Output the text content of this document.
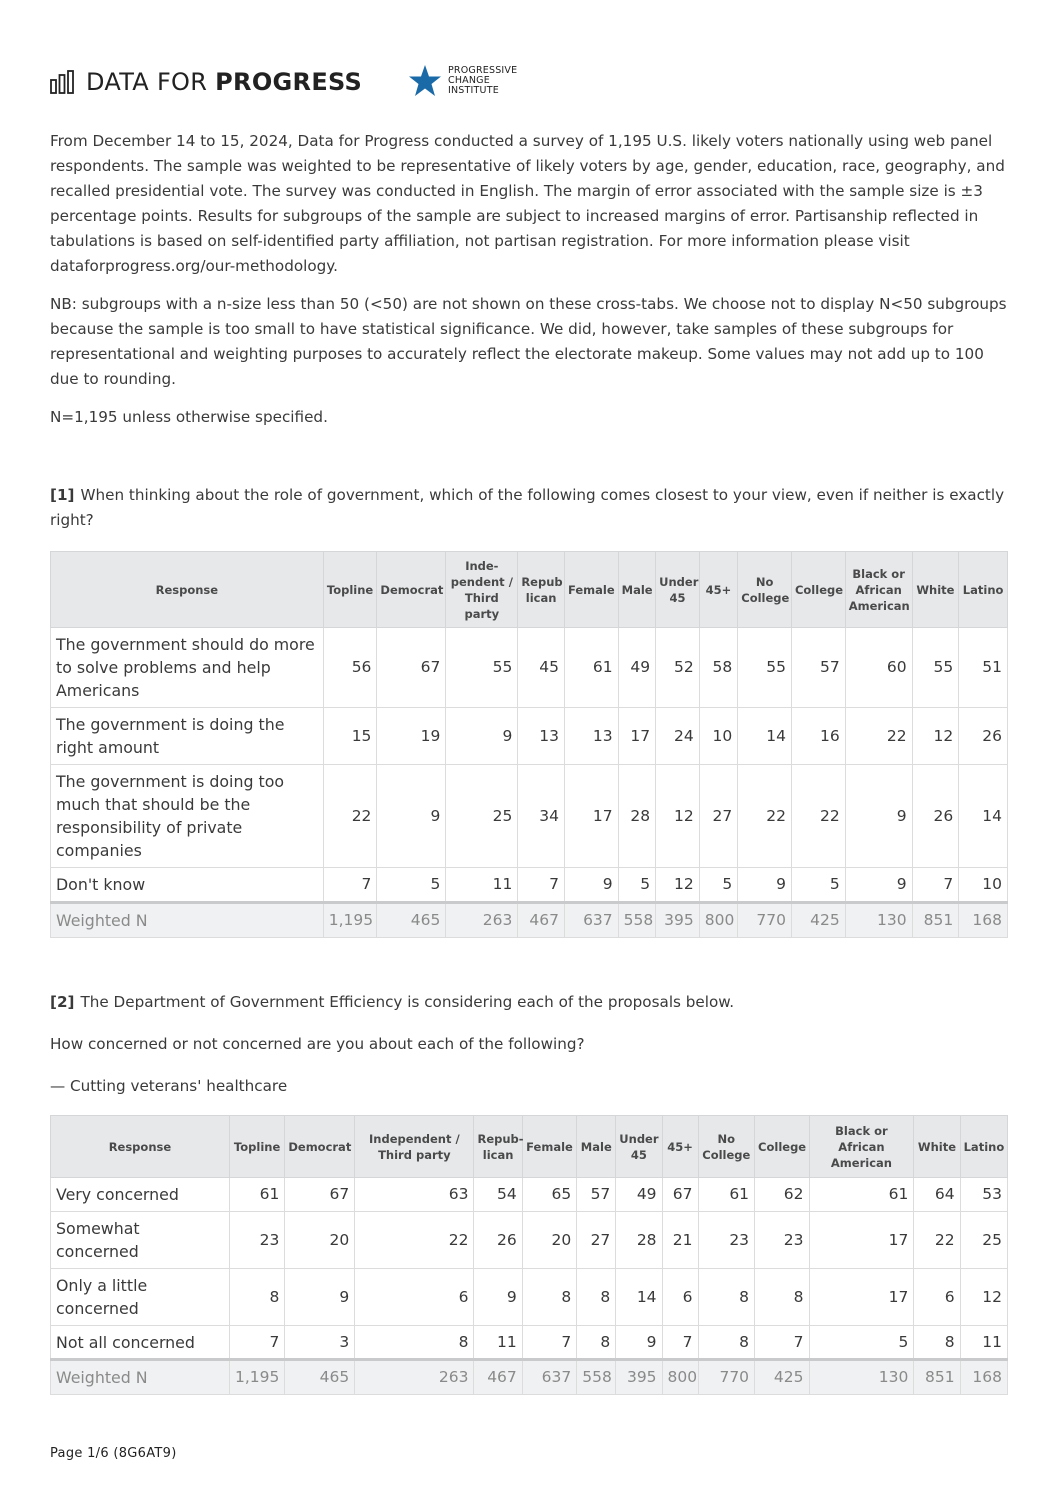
DATA FOR PROGRESS	PROGRESSIVE
CHANGE
INSTITUTE

From December 14 to 15, 2024, Data for Progress conducted a survey of 1,195 U.S. likely voters nationally using web panel respondents. The sample was weighted to be representative of likely voters by age, gender, education, race, geography, and recalled presidential vote. The survey was conducted in English. The margin of error associated with the sample size is ±3 percentage points. Results for subgroups of the sample are subject to increased margins of error. Partisanship reflected in tabulations is based on self-identified party affiliation, not partisan registration. For more information please visit dataforprogress.org/our-methodology.

NB: subgroups with a n-size less than 50 (<50) are not shown on these cross-tabs. We choose not to display N<50 subgroups because the sample is too small to have statistical significance. We did, however, take samples of these subgroups for representational and weighting purposes to accurately reflect the electorate makeup. Some values may not add up to 100 due to rounding.

N=1,195 unless otherwise specified.

[1] When thinking about the role of government, which of the following comes closest to your view, even if neither is exactly right?

Response	Topline	Democrat	Inde-
pendent /
Third
party	Repub
lican	Female	Male	Under
45	45+	No
College	College	Black or
African
American	White	Latino
The government should do more to solve problems and help Americans	56	67	55	45	61	49	52	58	55	57	60	55	51
The government is doing the right amount	15	19	9	13	13	17	24	10	14	16	22	12	26
The government is doing too much that should be the responsibility of private companies	22	9	25	34	17	28	12	27	22	22	9	26	14
Don't know	7	5	11	7	9	5	12	5	9	5	9	7	10
Weighted N	1,195	465	263	467	637	558	395	800	770	425	130	851	168

[2] The Department of Government Efficiency is considering each of the proposals below.

How concerned or not concerned are you about each of the following?

— Cutting veterans' healthcare

Response	Topline	Democrat	Independent /
Third party	Repub-
lican	Female	Male	Under
45	45+	No
College	College	Black or
African
American	White	Latino
Very concerned	61	67	63	54	65	57	49	67	61	62	61	64	53
Somewhat concerned	23	20	22	26	20	27	28	21	23	23	17	22	25
Only a little concerned	8	9	6	9	8	8	14	6	8	8	17	6	12
Not all concerned	7	3	8	11	7	8	9	7	8	7	5	8	11
Weighted N	1,195	465	263	467	637	558	395	800	770	425	130	851	168
Page 1/6 (8G6AT9)
